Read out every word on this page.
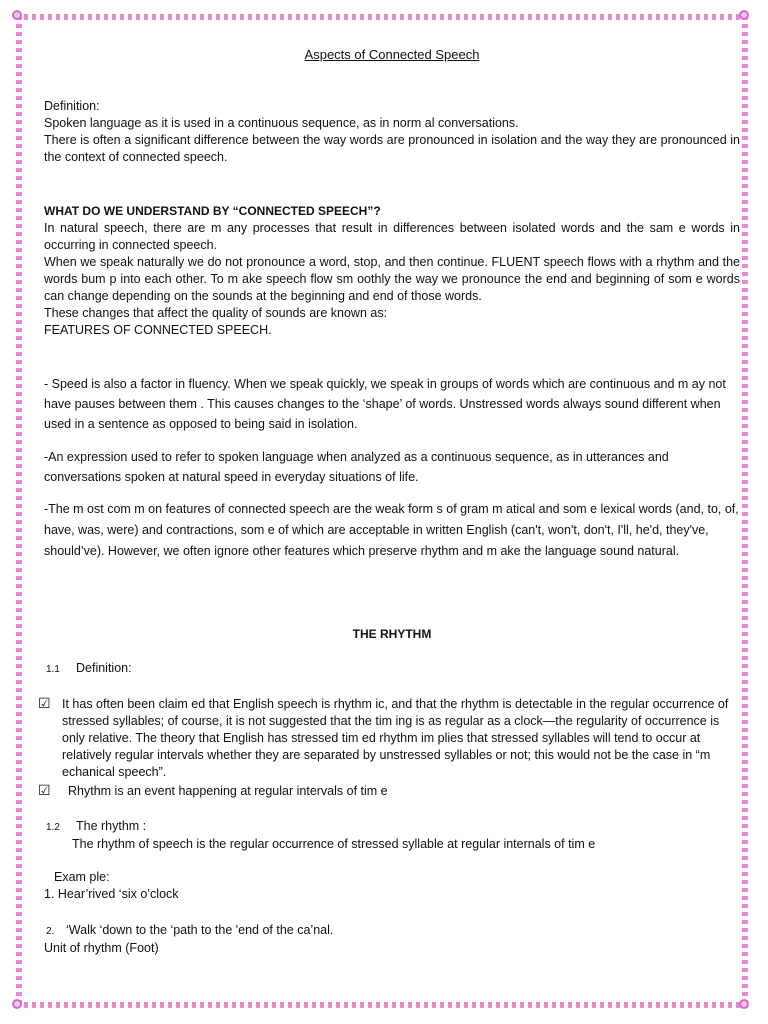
Aspects of Connected Speech

Definition:

Spoken language as it is used in a continuous sequence, as in norm al conversations.

There is often a significant difference between the way words are pronounced in isolation and the way they are pronounced in the context of connected speech.

WHAT DO WE UNDERSTAND BY “CONNECTED SPEECH”?

In natural speech, there are m any processes that result in differences between isolated words and the sam e words in occurring in connected speech.

When we speak naturally we do not pronounce a word, stop, and then continue. FLUENT speech flows with a rhythm and the words bum p into each other. To m ake speech flow sm oothly the way we pronounce the end and beginning of som e words can change depending on the sounds at the beginning and end of those words.

These changes that affect the quality of sounds are known as:

FEATURES OF CONNECTED SPEECH.

- Speed is also a factor in fluency. When we speak quickly, we speak in groups of words which are continuous and m ay not have pauses between them . This causes changes to the ‘shape’ of words. Unstressed words always sound different when used in a sentence as opposed to being said in isolation.
-An expression used to refer to spoken language when analyzed as a continuous sequence, as in utterances and conversations spoken at natural speed in everyday situations of life.
-The m ost com m on features of connected speech are the weak form s of gram m atical and som e lexical words (and, to, of, have, was, were) and contractions, som e of which are acceptable in written English (can't, won't, don't, I'll, he'd, they've, should’ve). However, we often ignore other features which preserve rhythm and m ake the language sound natural.
THE RHYTHM
1.1 Definition:
☑ It has often been claim ed that English speech is rhythm ic, and that the rhythm is detectable in the regular occurrence of stressed syllables; of course, it is not suggested that the tim ing is as regular as a clock—the regularity of occurrence is only relative. The theory that English has stressed tim ed rhythm im plies that stressed syllables will tend to occur at relatively regular intervals whether they are separated by unstressed syllables or not; this would not be the case in “m echanical speech”.
☑	Rhythm is an event happening at regular intervals of tim e

1.2 The rhythm :

The rhythm of speech is the regular occurrence of stressed syllable at regular internals of tim e

Exam ple:

1. Hear’rived ‘six o’clock

2. ‘Walk ‘down to the ‘path to the 'end of the ca’nal.

Unit of rhythm (Foot)
